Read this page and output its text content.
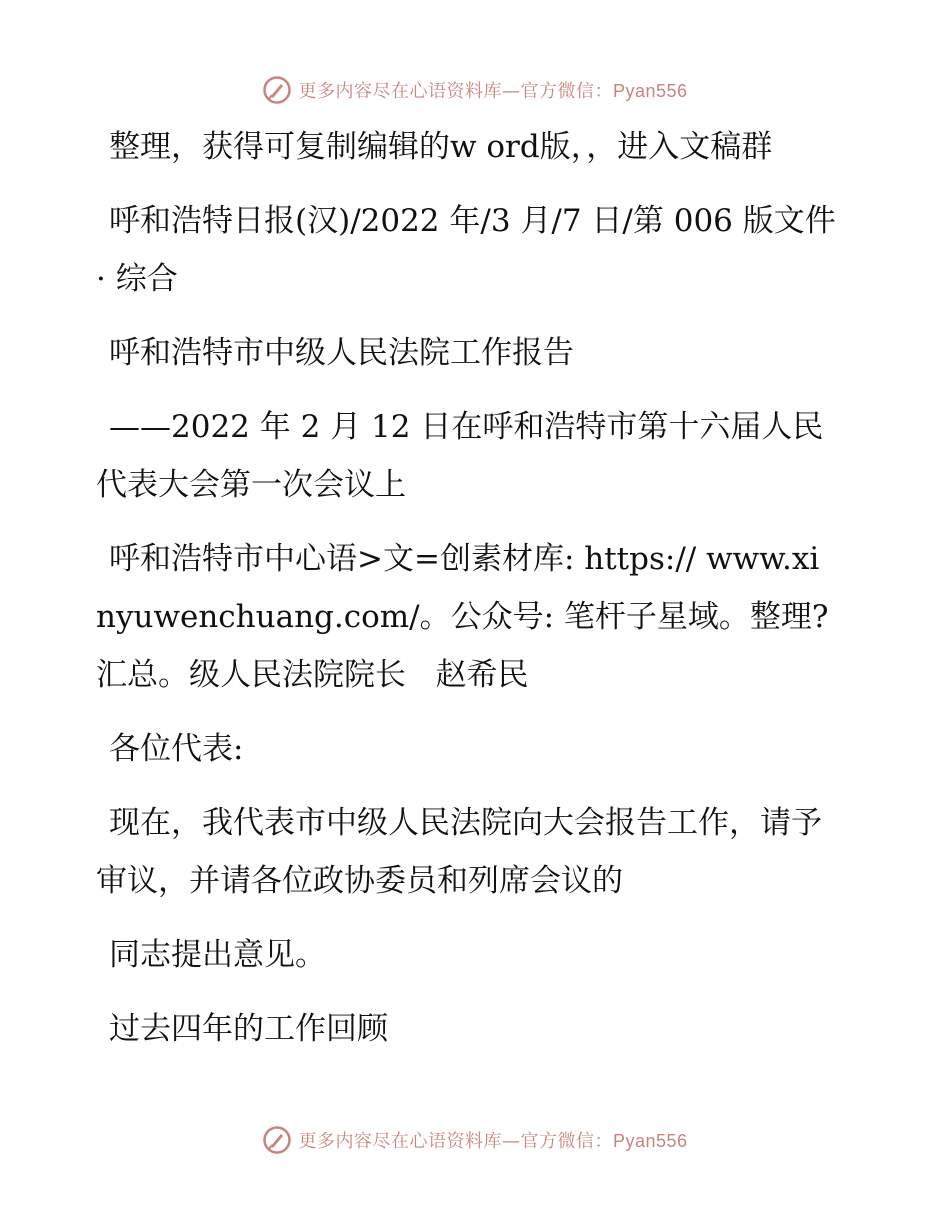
更多内容尽在心语资料库—官方微信：Pyan556

整理，获得可复制编辑的w ord版，，进入文稿群

呼和浩特日报(汉)/2022 年/3 月/7 日/第 006 版文件· 综合

呼和浩特市中级人民法院工作报告

——2022 年 2 月 12 日在呼和浩特市第十六届人民代表大会第一次会议上

呼和浩特市中心语>文=创素材库: https:// www.xinyuwenchuang.com/。公众号: 笔杆子星域。整理?汇总。级人民法院院长   赵希民

各位代表:

现在，我代表市中级人民法院向大会报告工作，请予审议，并请各位政协委员和列席会议的

同志提出意见。

过去四年的工作回顾

更多内容尽在心语资料库—官方微信：Pyan556
